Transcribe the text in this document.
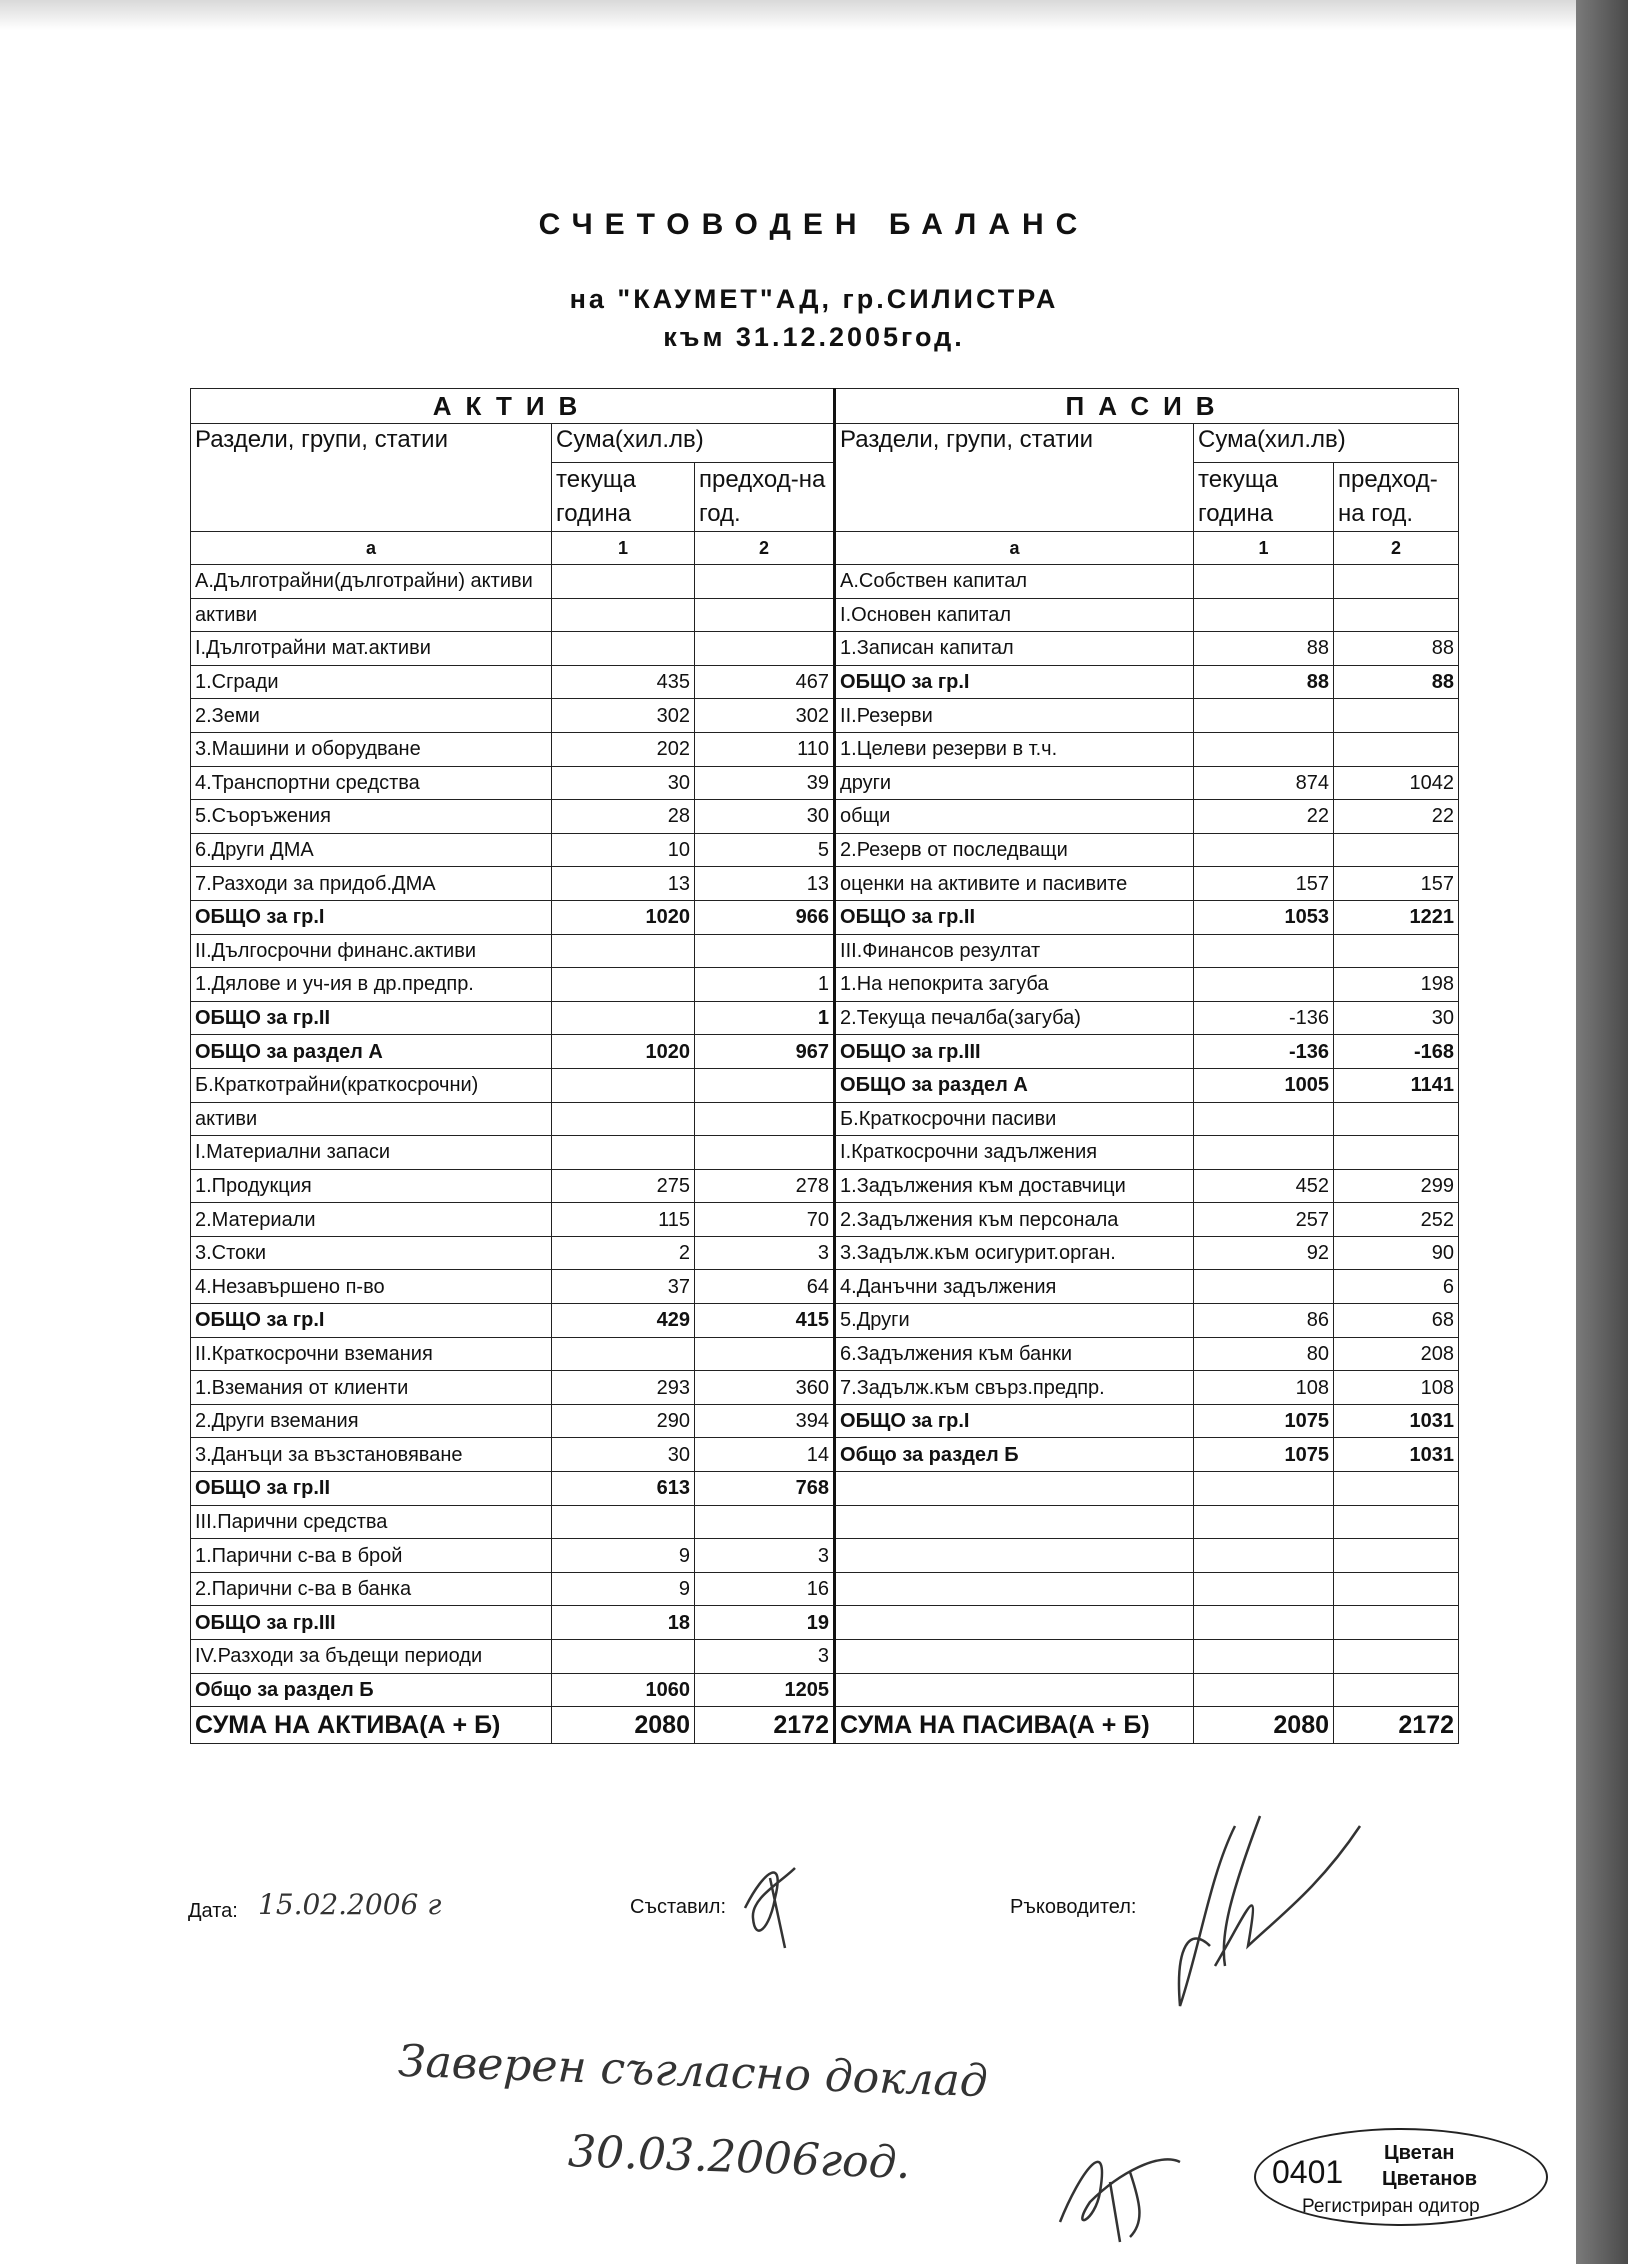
СЧЕТОВОДЕН БАЛАНС
на "КАУМЕТ"АД, гр.СИЛИСТРА
към 31.12.2005год.
АКТИВ			ПАСИВ		
Раздели, групи, статии	Сума(хил.лв)		Раздели, групи, статии	Сума(хил.лв)	
	текуща година	предход-на год.		текуща година	предход-на год.
а	1	2	а	1	2
А.Дълготрайни(дълготрайни) активи			А.Собствен капитал		
активи			I.Основен капитал		
I.Дълготрайни мат.активи			1.Записан капитал	88	88
1.Сгради	435	467	ОБЩО за гр.I	88	88
2.Земи	302	302	II.Резерви		
3.Машини и оборудване	202	110	1.Целеви резерви в т.ч.		
4.Транспортни средства	30	39	други	874	1042
5.Съоръжения	28	30	общи	22	22
6.Други ДМА	10	5	2.Резерв от последващи		
7.Разходи за придоб.ДМА	13	13	оценки на активите и пасивите	157	157
ОБЩО за гр.I	1020	966	ОБЩО за гр.II	1053	1221
II.Дългосрочни финанс.активи			III.Финансов резултат		
1.Дялове и уч-ия в др.предпр.		1	1.На непокрита загуба		198
ОБЩО за гр.II		1	2.Текуща печалба(загуба)	-136	30
ОБЩО за раздел А	1020	967	ОБЩО за гр.III	-136	-168
Б.Краткотрайни(краткосрочни)			ОБЩО за раздел А	1005	1141
активи			Б.Краткосрочни пасиви		
I.Материални запаси			I.Краткосрочни задължения		
1.Продукция	275	278	1.Задължения към доставчици	452	299
2.Материали	115	70	2.Задължения към персонала	257	252
3.Стоки	2	3	3.Задълж.към осигурит.орган.	92	90
4.Незавършено п-во	37	64	4.Данъчни задължения		6
ОБЩО за гр.I	429	415	5.Други	86	68
II.Краткосрочни вземания			6.Задължения към банки	80	208
1.Вземания от клиенти	293	360	7.Задълж.към свърз.предпр.	108	108
2.Други вземания	290	394	ОБЩО за гр.I	1075	1031
3.Данъци за възстановяване	30	14	Общо за раздел Б	1075	1031
ОБЩО за гр.II	613	768			
III.Парични средства					
1.Парични с-ва в брой	9	3			
2.Парични с-ва в банка	9	16			
ОБЩО за гр.III	18	19			
IV.Разходи за бъдещи периоди		3			
Общо за раздел Б	1060	1205			
СУМА НА АКТИВА(А + Б)	2080	2172	СУМА НА ПАСИВА(А + Б)	2080	2172
Дата: 15.02.2006 г	Съставил:	Ръководител:
Заверен съгласно доклад
30.03.2006год.	0401
Цветан
Цветанов
Регистриран одитор
